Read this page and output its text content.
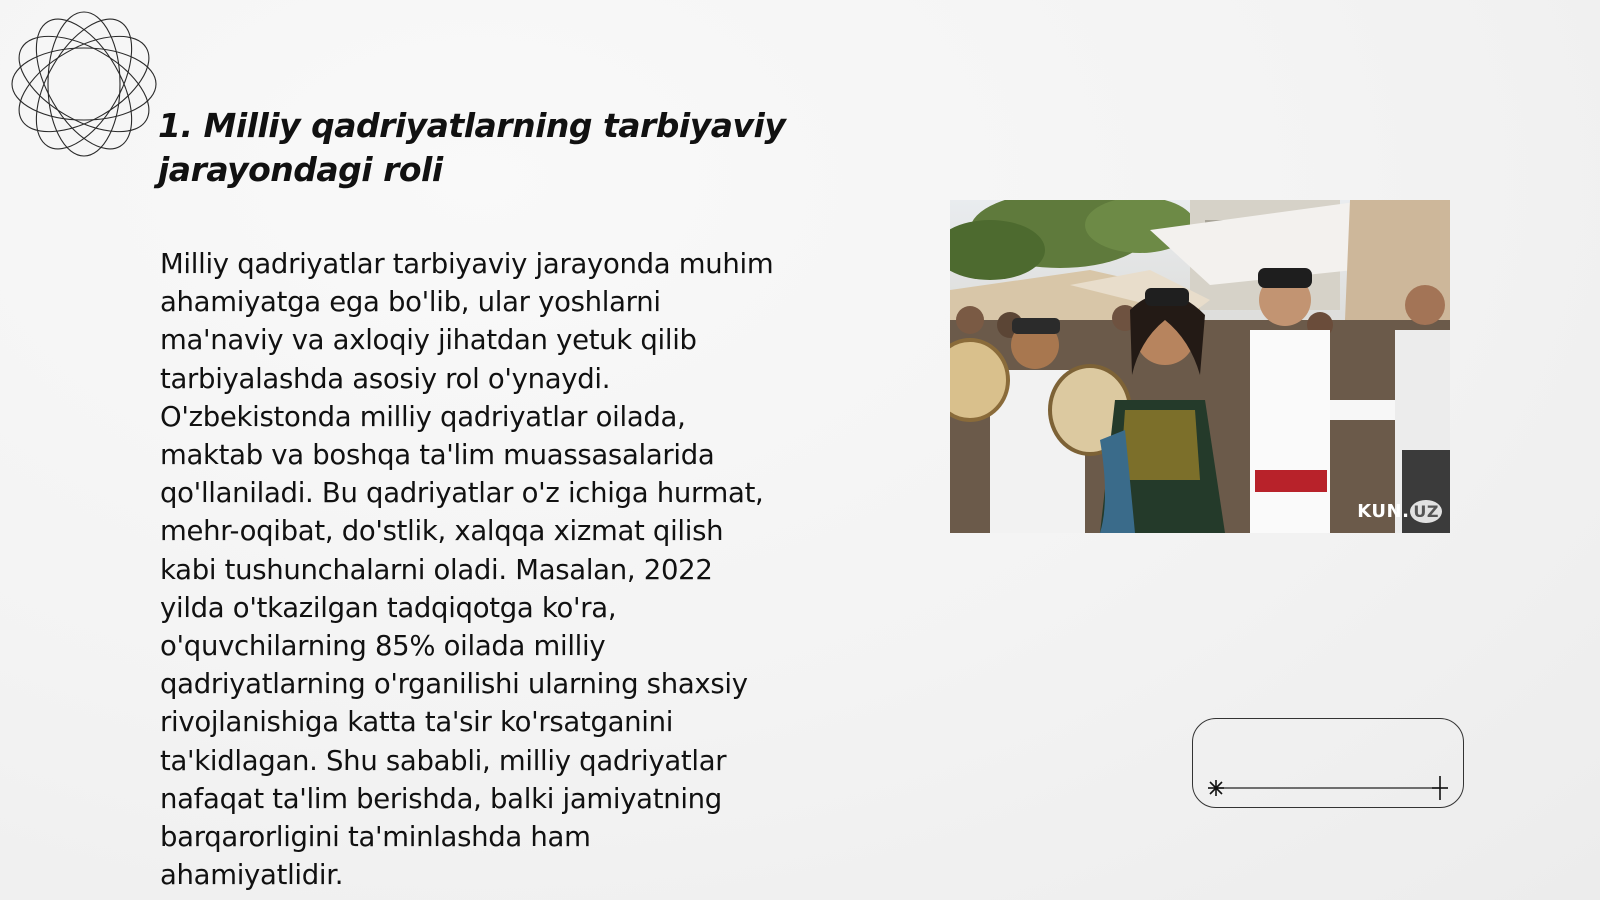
1. Milliy qadriyatlarning tarbiyaviy
jarayondagi roli
Milliy qadriyatlar tarbiyaviy jarayonda muhim
ahamiyatga ega bo'lib, ular yoshlarni
ma'naviy va axloqiy jihatdan yetuk qilib
tarbiyalashda asosiy rol o'ynaydi.
O'zbekistonda milliy qadriyatlar oilada,
maktab va boshqa ta'lim muassasalarida
qo'llaniladi. Bu qadriyatlar o'z ichiga hurmat,
mehr-oqibat, do'stlik, xalqqa xizmat qilish
kabi tushunchalarni oladi. Masalan, 2022
yilda o'tkazilgan tadqiqotga ko'ra,
o'quvchilarning 85% oilada milliy
qadriyatlarning o'rganilishi ularning shaxsiy
rivojlanishiga katta ta'sir ko'rsatganini
ta'kidlagan. Shu sababli, milliy qadriyatlar
nafaqat ta'lim berishda, balki jamiyatning
barqarorligini ta'minlashda ham
ahamiyatlidir.
KUN. UZ
